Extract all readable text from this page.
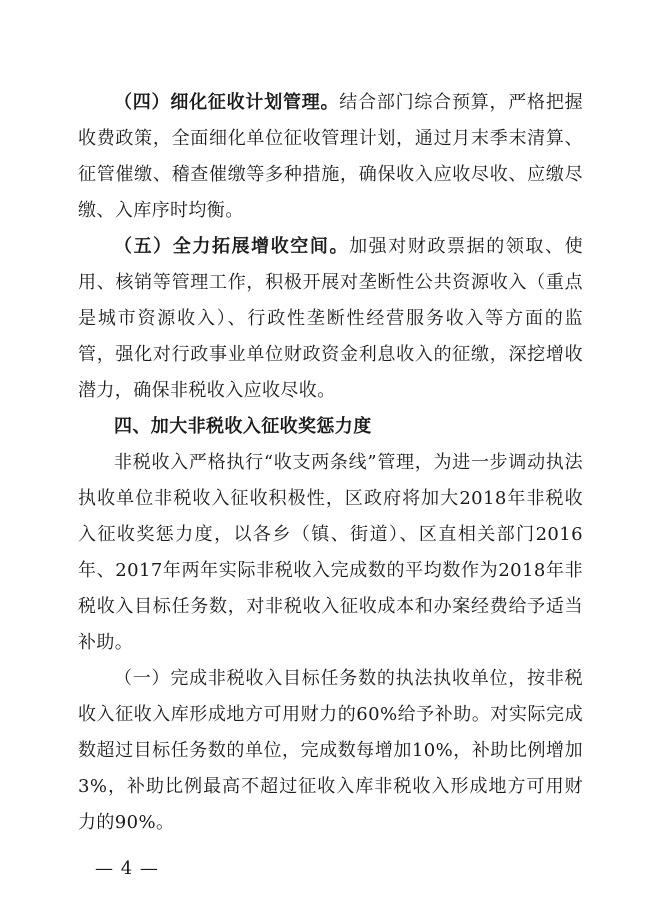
（四）细化征收计划管理。结合部门综合预算，严格把握收费政策，全面细化单位征收管理计划，通过月末季末清算、征管催缴、稽查催缴等多种措施，确保收入应收尽收、应缴尽缴、入库序时均衡。

（五）全力拓展增收空间。加强对财政票据的领取、使用、核销等管理工作，积极开展对垄断性公共资源收入（重点是城市资源收入）、行政性垄断性经营服务收入等方面的监管，强化对行政事业单位财政资金利息收入的征缴，深挖增收潜力，确保非税收入应收尽收。

四、加大非税收入征收奖惩力度

非税收入严格执行“收支两条线”管理，为进一步调动执法执收单位非税收入征收积极性，区政府将加大2018年非税收入征收奖惩力度，以各乡（镇、街道）、区直相关部门2016年、2017年两年实际非税收入完成数的平均数作为2018年非税收入目标任务数，对非税收入征收成本和办案经费给予适当补助。

（一）完成非税收入目标任务数的执法执收单位，按非税收入征收入库形成地方可用财力的60%给予补助。对实际完成数超过目标任务数的单位，完成数每增加10%，补助比例增加3%，补助比例最高不超过征收入库非税收入形成地方可用财力的90%。

— 4 —
